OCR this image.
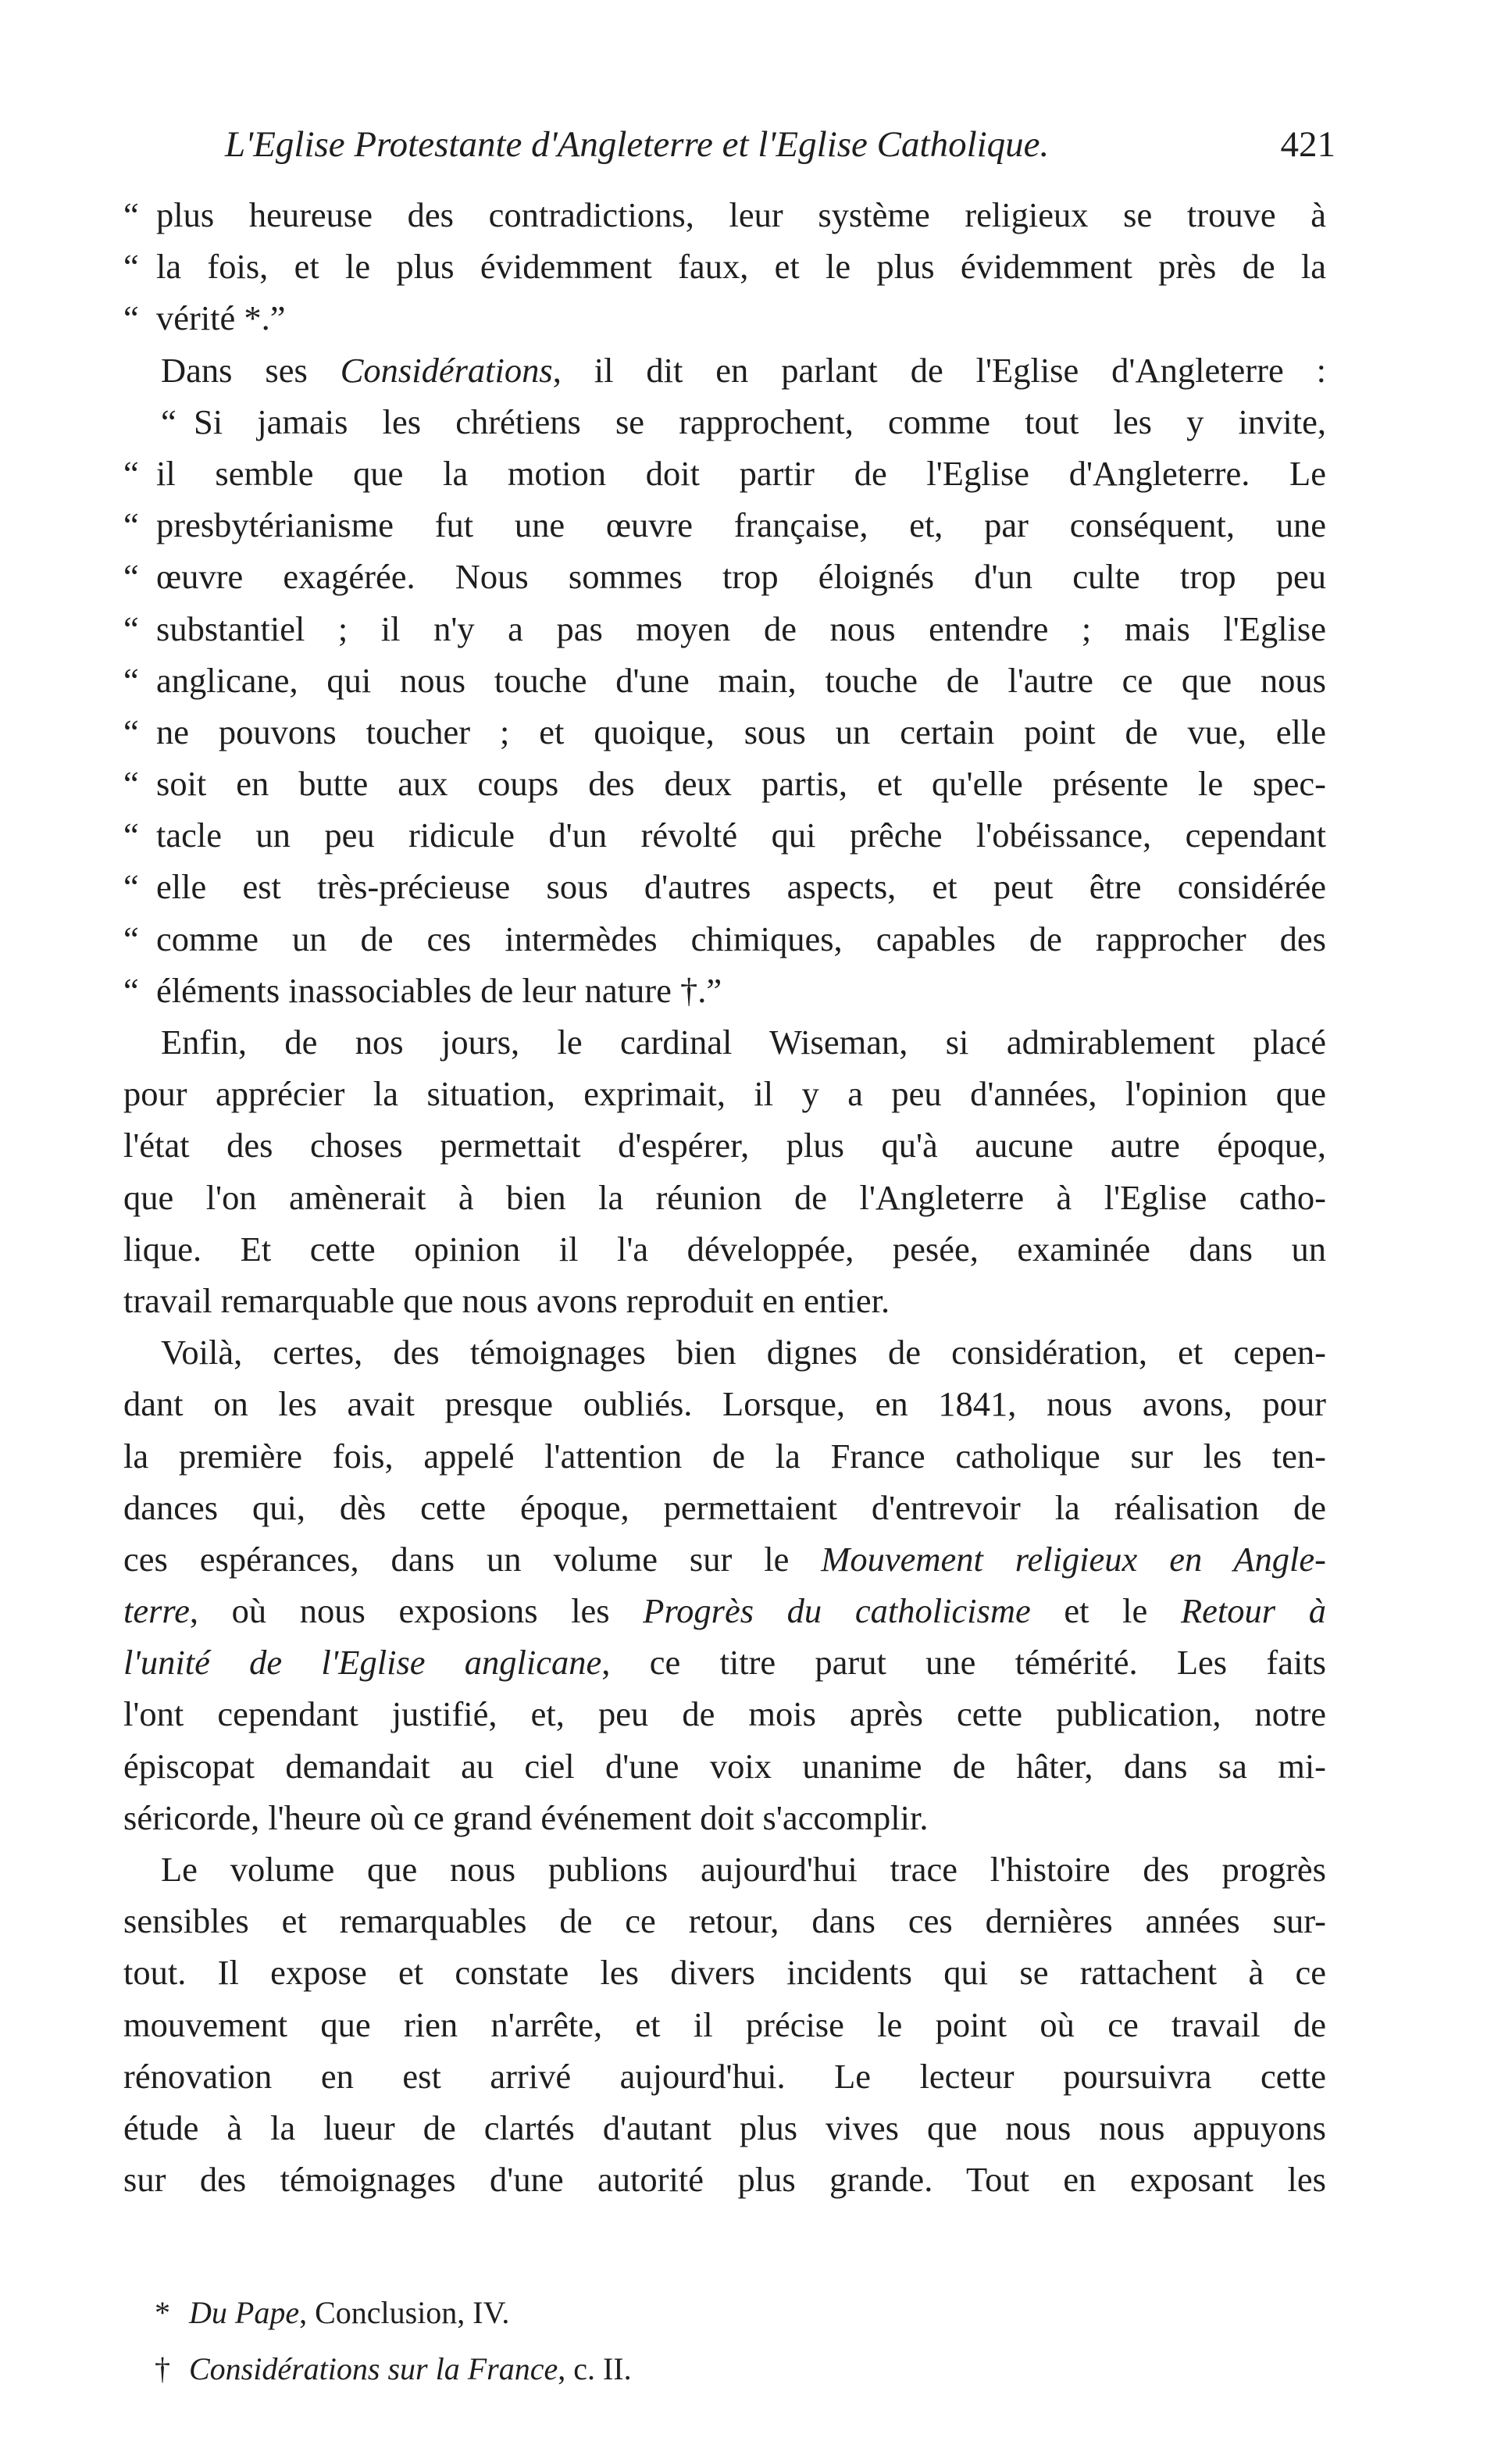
L'Eglise Protestante d'Angleterre et l'Eglise Catholique.	421
“ plus heureuse des contradictions, leur système religieux se trouve à
“ la fois, et le plus évidemment faux, et le plus évidemment près de la
“ vérité *.”
Dans ses Considérations, il dit en parlant de l'Eglise d'Angleterre :
“ Si jamais les chrétiens se rapprochent, comme tout les y invite,
“ il semble que la motion doit partir de l'Eglise d'Angleterre. Le
“ presbytérianisme fut une œuvre française, et, par conséquent, une
“ œuvre exagérée. Nous sommes trop éloignés d'un culte trop peu
“ substantiel ; il n'y a pas moyen de nous entendre ; mais l'Eglise
“ anglicane, qui nous touche d'une main, touche de l'autre ce que nous
“ ne pouvons toucher ; et quoique, sous un certain point de vue, elle
“ soit en butte aux coups des deux partis, et qu'elle présente le spec-
“ tacle un peu ridicule d'un révolté qui prêche l'obéissance, cependant
“ elle est très-précieuse sous d'autres aspects, et peut être considérée
“ comme un de ces intermèdes chimiques, capables de rapprocher des
“ éléments inassociables de leur nature †.”
Enfin, de nos jours, le cardinal Wiseman, si admirablement placé
pour apprécier la situation, exprimait, il y a peu d'années, l'opinion que
l'état des choses permettait d'espérer, plus qu'à aucune autre époque,
que l'on amènerait à bien la réunion de l'Angleterre à l'Eglise catho-
lique. Et cette opinion il l'a développée, pesée, examinée dans un
travail remarquable que nous avons reproduit en entier.
Voilà, certes, des témoignages bien dignes de considération, et cepen-
dant on les avait presque oubliés. Lorsque, en 1841, nous avons, pour
la première fois, appelé l'attention de la France catholique sur les ten-
dances qui, dès cette époque, permettaient d'entrevoir la réalisation de
ces espérances, dans un volume sur le Mouvement religieux en Angle-
terre, où nous exposions les Progrès du catholicisme et le Retour à
l'unité de l'Eglise anglicane, ce titre parut une témérité. Les faits
l'ont cependant justifié, et, peu de mois après cette publication, notre
épiscopat demandait au ciel d'une voix unanime de hâter, dans sa mi-
séricorde, l'heure où ce grand événement doit s'accomplir.
Le volume que nous publions aujourd'hui trace l'histoire des progrès
sensibles et remarquables de ce retour, dans ces dernières années sur-
tout. Il expose et constate les divers incidents qui se rattachent à ce
mouvement que rien n'arrête, et il précise le point où ce travail de
rénovation en est arrivé aujourd'hui. Le lecteur poursuivra cette
étude à la lueur de clartés d'autant plus vives que nous nous appuyons
sur des témoignages d'une autorité plus grande. Tout en exposant les
* Du Pape, Conclusion, IV.
† Considérations sur la France, c. II.
